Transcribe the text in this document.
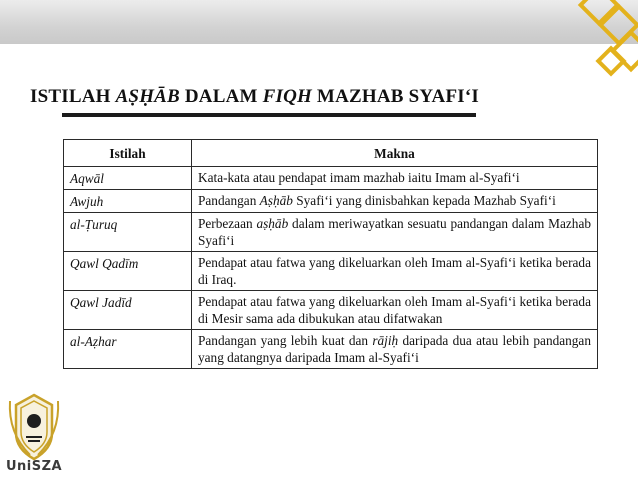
ISTILAH AṢḤĀB DALAM FIQH MAZHAB SYAFI‘I
Istilah	Makna
Aqwāl	Kata-kata atau pendapat imam mazhab iaitu Imam al-Syafi‘i
Awjuh	Pandangan Aṣḥāb Syafi‘i yang dinisbahkan kepada Mazhab Syafi‘i
al-Ṭuruq	Perbezaan aṣḥāb dalam meriwayatkan sesuatu pandangan dalam Mazhab Syafi‘i
Qawl Qadīm	Pendapat atau fatwa yang dikeluarkan oleh Imam al-Syafi‘i ketika berada di Iraq.
Qawl Jadīd	Pendapat atau fatwa yang dikeluarkan oleh Imam al-Syafi‘i ketika berada di Mesir sama ada dibukukan atau difatwakan
al-Aẓhar	Pandangan yang lebih kuat dan rājiḥ daripada dua atau lebih pandangan yang datangnya daripada Imam al-Syafi‘i
UniSZA
